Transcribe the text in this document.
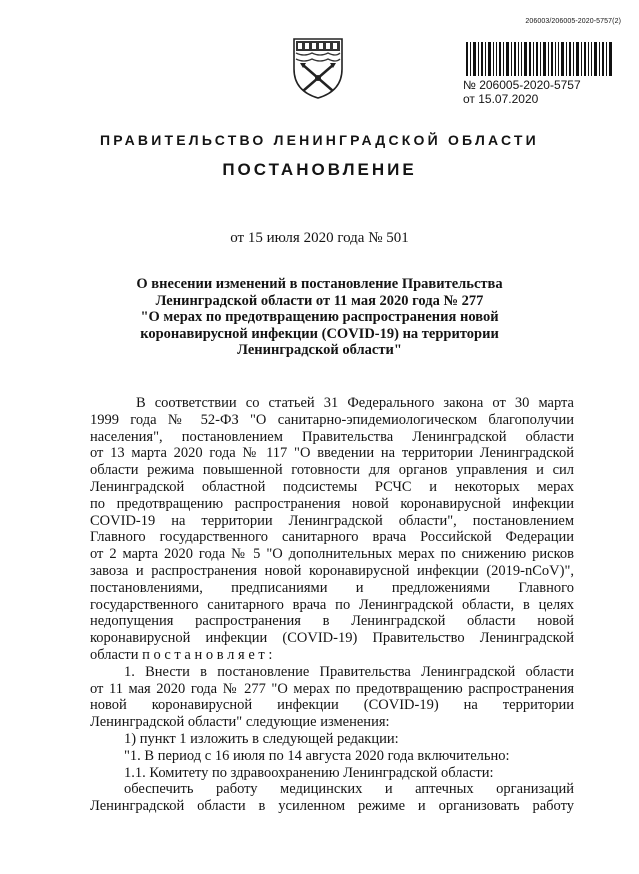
206003/206005-2020-5757(2)
№ 206005-2020-5757
от 15.07.2020
ПРАВИТЕЛЬСТВО ЛЕНИНГРАДСКОЙ ОБЛАСТИ
ПОСТАНОВЛЕНИЕ
от 15 июля 2020 года № 501
О внесении изменений в постановление Правительства
Ленинградской области от 11 мая 2020 года № 277
"О мерах по предотвращению распространения новой
коронавирусной инфекции (COVID-19) на территории
Ленинградской области"
В соответствии со статьей 31 Федерального закона от 30 марта
1999 года № 52-ФЗ "О санитарно-эпидемиологическом благополучии
населения", постановлением Правительства Ленинградской области
от 13 марта 2020 года № 117 "О введении на территории Ленинградской
области режима повышенной готовности для органов управления и сил
Ленинградской областной подсистемы РСЧС и некоторых мерах
по предотвращению распространения новой коронавирусной инфекции
COVID-19 на территории Ленинградской области", постановлением
Главного государственного санитарного врача Российской Федерации
от 2 марта 2020 года № 5 "О дополнительных мерах по снижению рисков
завоза и распространения новой коронавирусной инфекции (2019-nCoV)",
постановлениями, предписаниями и предложениями Главного
государственного санитарного врача по Ленинградской области, в целях
недопущения распространения в Ленинградской области новой
коронавирусной инфекции (COVID-19) Правительство Ленинградской
области п о с т а н о в л я е т :
1. Внести в постановление Правительства Ленинградской области
от 11 мая 2020 года № 277 "О мерах по предотвращению распространения
новой коронавирусной инфекции (COVID-19) на территории
Ленинградской области" следующие изменения:
1) пункт 1 изложить в следующей редакции:
"1. В период с 16 июля по 14 августа 2020 года включительно:
1.1. Комитету по здравоохранению Ленинградской области:
обеспечить работу медицинских и аптечных организаций
Ленинградской области в усиленном режиме и организовать работу
